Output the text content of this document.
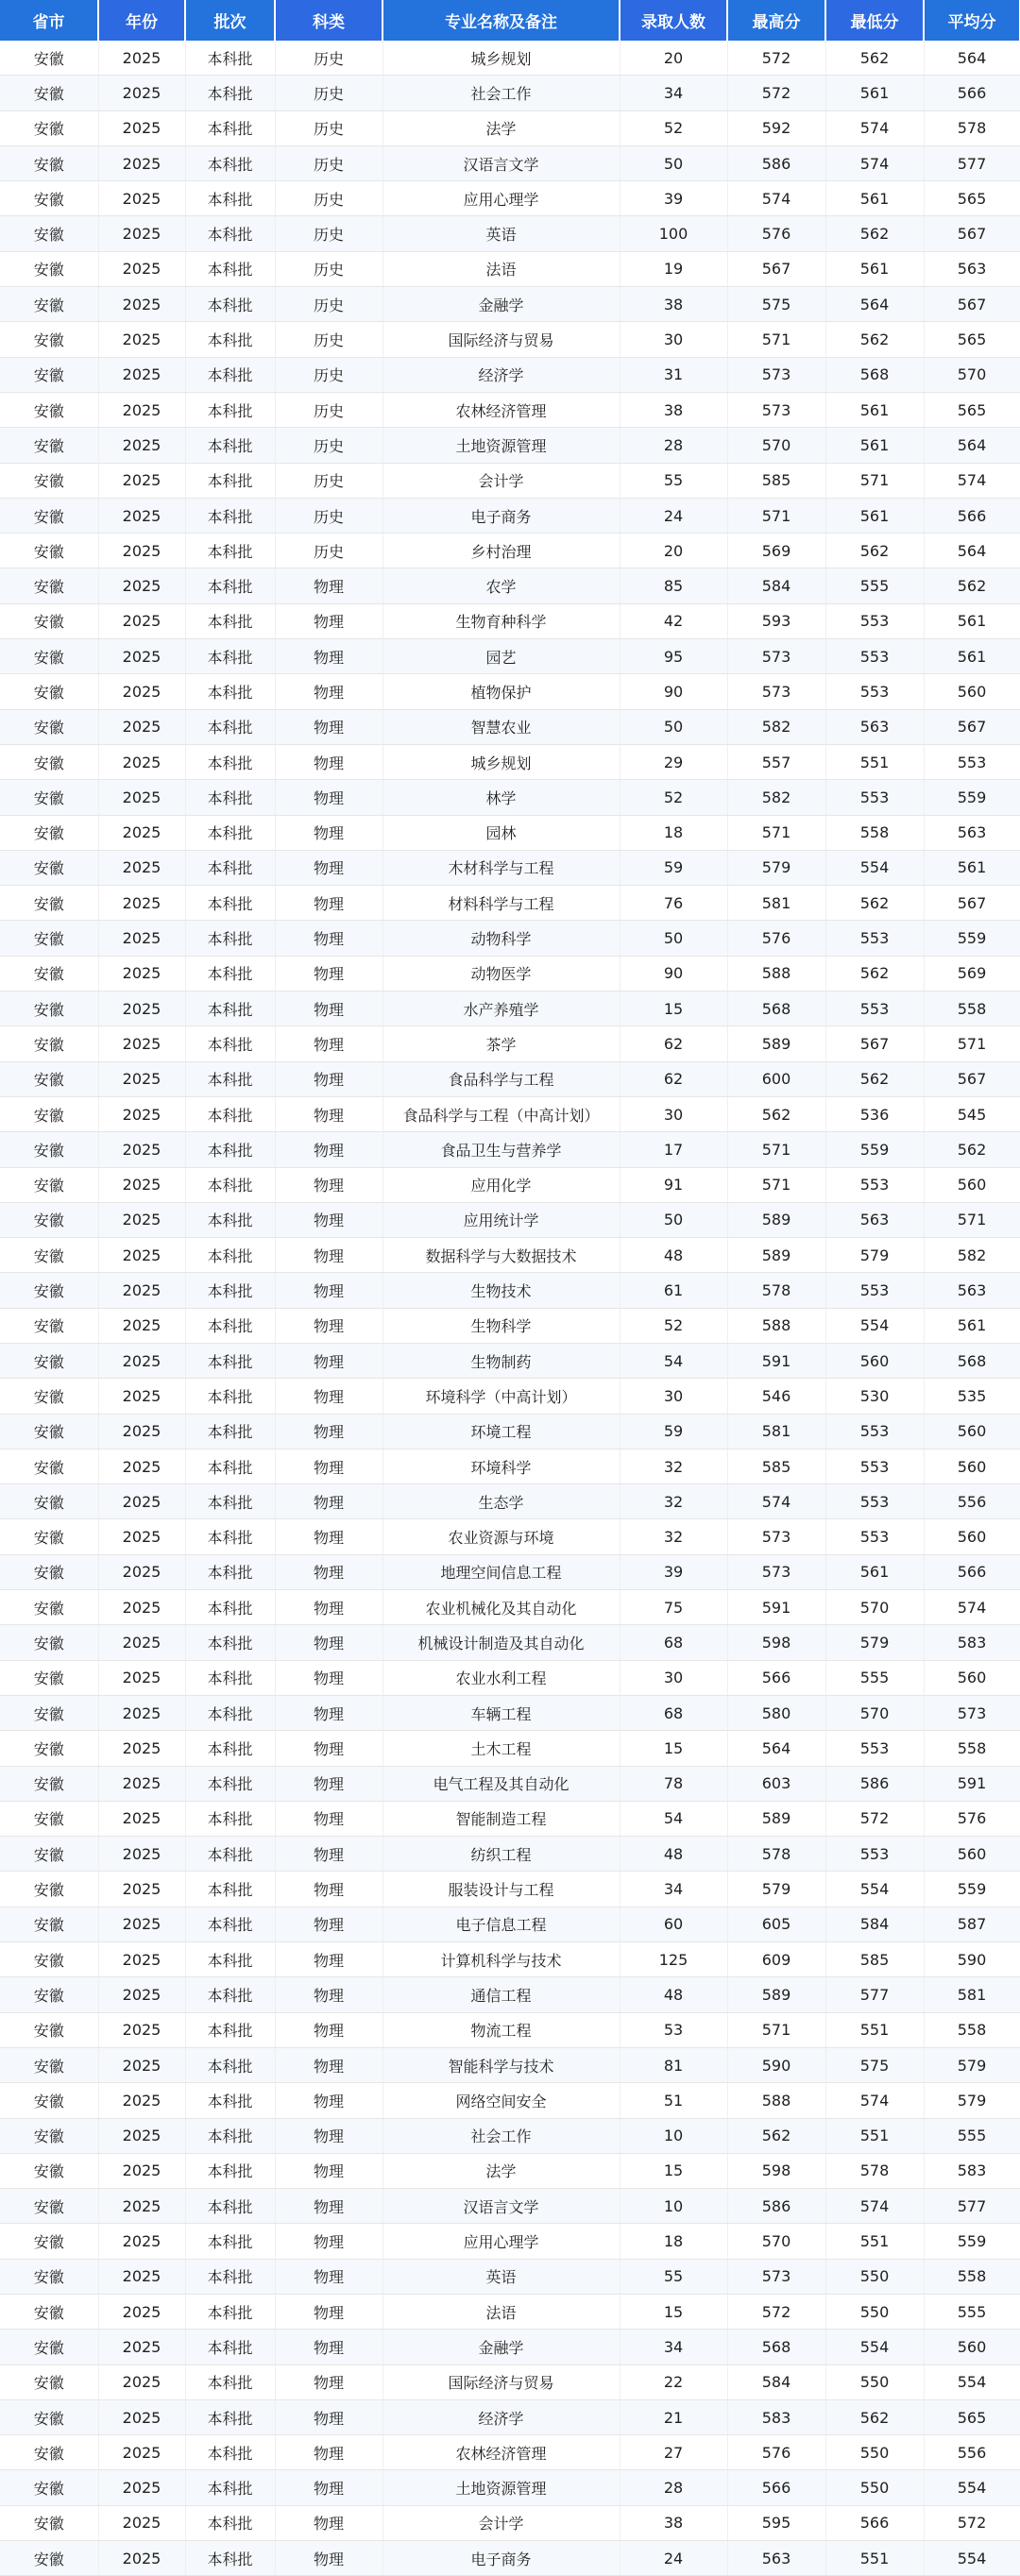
省市	年份	批次	科类	专业名称及备注	录取人数	最高分	最低分	平均分
安徽	2025	本科批	历史	城乡规划	20	572	562	564
安徽	2025	本科批	历史	社会工作	34	572	561	566
安徽	2025	本科批	历史	法学	52	592	574	578
安徽	2025	本科批	历史	汉语言文学	50	586	574	577
安徽	2025	本科批	历史	应用心理学	39	574	561	565
安徽	2025	本科批	历史	英语	100	576	562	567
安徽	2025	本科批	历史	法语	19	567	561	563
安徽	2025	本科批	历史	金融学	38	575	564	567
安徽	2025	本科批	历史	国际经济与贸易	30	571	562	565
安徽	2025	本科批	历史	经济学	31	573	568	570
安徽	2025	本科批	历史	农林经济管理	38	573	561	565
安徽	2025	本科批	历史	土地资源管理	28	570	561	564
安徽	2025	本科批	历史	会计学	55	585	571	574
安徽	2025	本科批	历史	电子商务	24	571	561	566
安徽	2025	本科批	历史	乡村治理	20	569	562	564
安徽	2025	本科批	物理	农学	85	584	555	562
安徽	2025	本科批	物理	生物育种科学	42	593	553	561
安徽	2025	本科批	物理	园艺	95	573	553	561
安徽	2025	本科批	物理	植物保护	90	573	553	560
安徽	2025	本科批	物理	智慧农业	50	582	563	567
安徽	2025	本科批	物理	城乡规划	29	557	551	553
安徽	2025	本科批	物理	林学	52	582	553	559
安徽	2025	本科批	物理	园林	18	571	558	563
安徽	2025	本科批	物理	木材科学与工程	59	579	554	561
安徽	2025	本科批	物理	材料科学与工程	76	581	562	567
安徽	2025	本科批	物理	动物科学	50	576	553	559
安徽	2025	本科批	物理	动物医学	90	588	562	569
安徽	2025	本科批	物理	水产养殖学	15	568	553	558
安徽	2025	本科批	物理	茶学	62	589	567	571
安徽	2025	本科批	物理	食品科学与工程	62	600	562	567
安徽	2025	本科批	物理	食品科学与工程（中高计划）	30	562	536	545
安徽	2025	本科批	物理	食品卫生与营养学	17	571	559	562
安徽	2025	本科批	物理	应用化学	91	571	553	560
安徽	2025	本科批	物理	应用统计学	50	589	563	571
安徽	2025	本科批	物理	数据科学与大数据技术	48	589	579	582
安徽	2025	本科批	物理	生物技术	61	578	553	563
安徽	2025	本科批	物理	生物科学	52	588	554	561
安徽	2025	本科批	物理	生物制药	54	591	560	568
安徽	2025	本科批	物理	环境科学（中高计划）	30	546	530	535
安徽	2025	本科批	物理	环境工程	59	581	553	560
安徽	2025	本科批	物理	环境科学	32	585	553	560
安徽	2025	本科批	物理	生态学	32	574	553	556
安徽	2025	本科批	物理	农业资源与环境	32	573	553	560
安徽	2025	本科批	物理	地理空间信息工程	39	573	561	566
安徽	2025	本科批	物理	农业机械化及其自动化	75	591	570	574
安徽	2025	本科批	物理	机械设计制造及其自动化	68	598	579	583
安徽	2025	本科批	物理	农业水利工程	30	566	555	560
安徽	2025	本科批	物理	车辆工程	68	580	570	573
安徽	2025	本科批	物理	土木工程	15	564	553	558
安徽	2025	本科批	物理	电气工程及其自动化	78	603	586	591
安徽	2025	本科批	物理	智能制造工程	54	589	572	576
安徽	2025	本科批	物理	纺织工程	48	578	553	560
安徽	2025	本科批	物理	服装设计与工程	34	579	554	559
安徽	2025	本科批	物理	电子信息工程	60	605	584	587
安徽	2025	本科批	物理	计算机科学与技术	125	609	585	590
安徽	2025	本科批	物理	通信工程	48	589	577	581
安徽	2025	本科批	物理	物流工程	53	571	551	558
安徽	2025	本科批	物理	智能科学与技术	81	590	575	579
安徽	2025	本科批	物理	网络空间安全	51	588	574	579
安徽	2025	本科批	物理	社会工作	10	562	551	555
安徽	2025	本科批	物理	法学	15	598	578	583
安徽	2025	本科批	物理	汉语言文学	10	586	574	577
安徽	2025	本科批	物理	应用心理学	18	570	551	559
安徽	2025	本科批	物理	英语	55	573	550	558
安徽	2025	本科批	物理	法语	15	572	550	555
安徽	2025	本科批	物理	金融学	34	568	554	560
安徽	2025	本科批	物理	国际经济与贸易	22	584	550	554
安徽	2025	本科批	物理	经济学	21	583	562	565
安徽	2025	本科批	物理	农林经济管理	27	576	550	556
安徽	2025	本科批	物理	土地资源管理	28	566	550	554
安徽	2025	本科批	物理	会计学	38	595	566	572
安徽	2025	本科批	物理	电子商务	24	563	551	554
